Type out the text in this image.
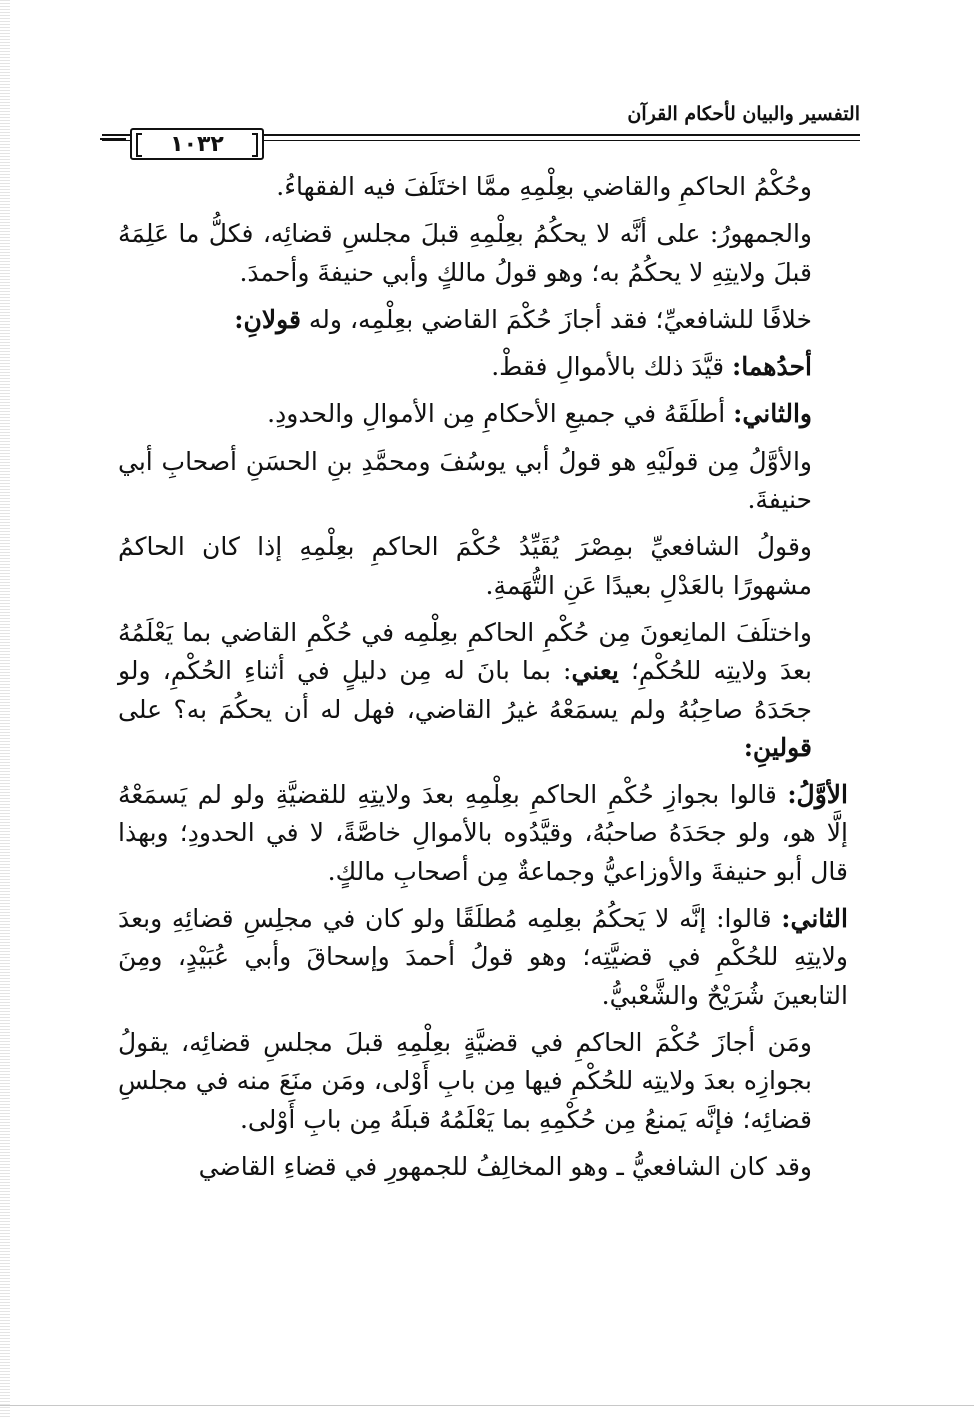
التفسير والبيان لأحكام القرآن
١٠٣٢

وحُكْمُ الحاكمِ والقاضي بعِلْمِهِ ممَّا اختَلَفَ فيه الفقهاءُ.

والجمهورُ: على أنَّه لا يحكُمُ بعِلْمِهِ قبلَ مجلسِ قضائِه، فكلُّ ما عَلِمَهُ قبلَ ولايتِهِ لا يحكُمُ به؛ وهو قولُ مالكٍ وأبي حنيفةَ وأحمدَ.

خلافًا للشافعيِّ؛ فقد أجازَ حُكْمَ القاضي بعِلْمِه، وله قولانِ:

أحدُهما: قيَّدَ ذلك بالأموالِ فقطْ.

والثاني: أطلَقَهُ في جميعِ الأحكامِ مِن الأموالِ والحدودِ.

والأوَّلُ مِن قولَيْهِ هو قولُ أبي يوسُفَ ومحمَّدِ بنِ الحسَنِ أصحابِ أبي حنيفةَ.

وقولُ الشافعيِّ بمِصْرَ يُقَيِّدُ حُكْمَ الحاكمِ بعِلْمِهِ إذا كان الحاكمُ مشهورًا بالعَدْلِ بعيدًا عَنِ التُّهَمةِ.

واختلَفَ المانِعونَ مِن حُكْمِ الحاكمِ بعِلْمِه في حُكْمِ القاضي بما يَعْلَمُهُ بعدَ ولايتِه للحُكْمِ؛ يعني: بما بانَ له مِن دليلٍ في أثناءِ الحُكْمِ، ولو جحَدَهُ صاحِبُهُ ولم يسمَعْهُ غيرُ القاضي، فهل له أن يحكُمَ به؟ على قولينِ:

الأوَّلُ: قالوا بجوازِ حُكْمِ الحاكمِ بعِلْمِهِ بعدَ ولايتِهِ للقضيَّةِ ولو لم يَسمَعْهُ إلَّا هو، ولو جحَدَهُ صاحبُهُ، وقيَّدُوه بالأموالِ خاصَّةً، لا في الحدودِ؛ وبهذا قال أبو حنيفةَ والأوزاعيُّ وجماعةٌ مِن أصحابِ مالكٍ.

الثاني: قالوا: إنَّه لا يَحكُمُ بعِلمِه مُطلَقًا ولو كان في مجلِسِ قضائِهِ وبعدَ ولايتِهِ للحُكْمِ في قضيَّتِه؛ وهو قولُ أحمدَ وإسحاقَ وأبي عُبَيْدٍ، ومِنَ التابعينَ شُرَيْحٌ والشَّعْبيُّ.

ومَن أجازَ حُكْمَ الحاكمِ في قضيَّةٍ بعِلْمِهِ قبلَ مجلسِ قضائِه، يقولُ بجوازِه بعدَ ولايتِه للحُكْمِ فيها مِن بابِ أَوْلى، ومَن منَعَ منه في مجلسِ قضائِه؛ فإنَّه يَمنعُ مِن حُكْمِهِ بما يَعْلَمُهُ قبلَهُ مِن بابِ أَوْلى.

وقد كان الشافعيُّ ـ وهو المخالِفُ للجمهورِ في قضاءِ القاضي
